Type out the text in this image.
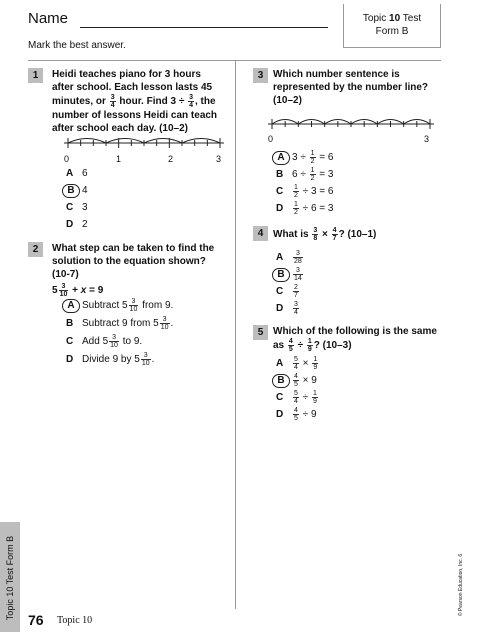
Name	Topic 10 Test
Form B
Mark the best answer.
1	Heidi teaches piano for 3 hours
after school. Each lesson lasts 45
minutes, or $\frac{3}{4}$ hour. Find $3 \div \frac{3}{4}$ , the
number of lessons Heidi can teach
after school each day. (10–2)
0	1	2	3
A 6
B 4
C 3
D 2
2	What step can be taken to find the
solution to the equation shown?
(10-7)
$5 \frac{3}{10} + x = 9$
A Subtract $5 \frac{3}{10}$ from 9.
B Subtract 9 from $5 \frac{3}{10}$ .
C Add $5 \frac{3}{10}$ to 9.
D Divide 9 by $5 \frac{3}{10}$ .
3 Which number sentence is
represented by the number line?
(10–2)
0	3
A $3 \div \frac{1}{2} = 6$
B $6 \div \frac{1}{2} = 3$
C $\frac{1}{2} \div 3 = 6$
D $\frac{1}{2} \div 6 = 3$
4 What is $\frac{3}{8} \times \frac{4}{7}$ ? (10–1)
A $\frac{3}{28}$
B $\frac{3}{14}$
C $\frac{2}{7}$
D $\frac{3}{4}$
5 Which of the following is the same
as $\frac{4}{5} \div \frac{1}{9}$ ? (10–3)
A $\frac{5}{4} \times \frac{1}{9}$
B $\frac{4}{5} \times 9$
C $\frac{5}{4} \div \frac{1}{9}$
D $\frac{4}{5} \div 9$
Topic 10 Test Form B	© Pearson Education, Inc. 6
76 Topic 10
